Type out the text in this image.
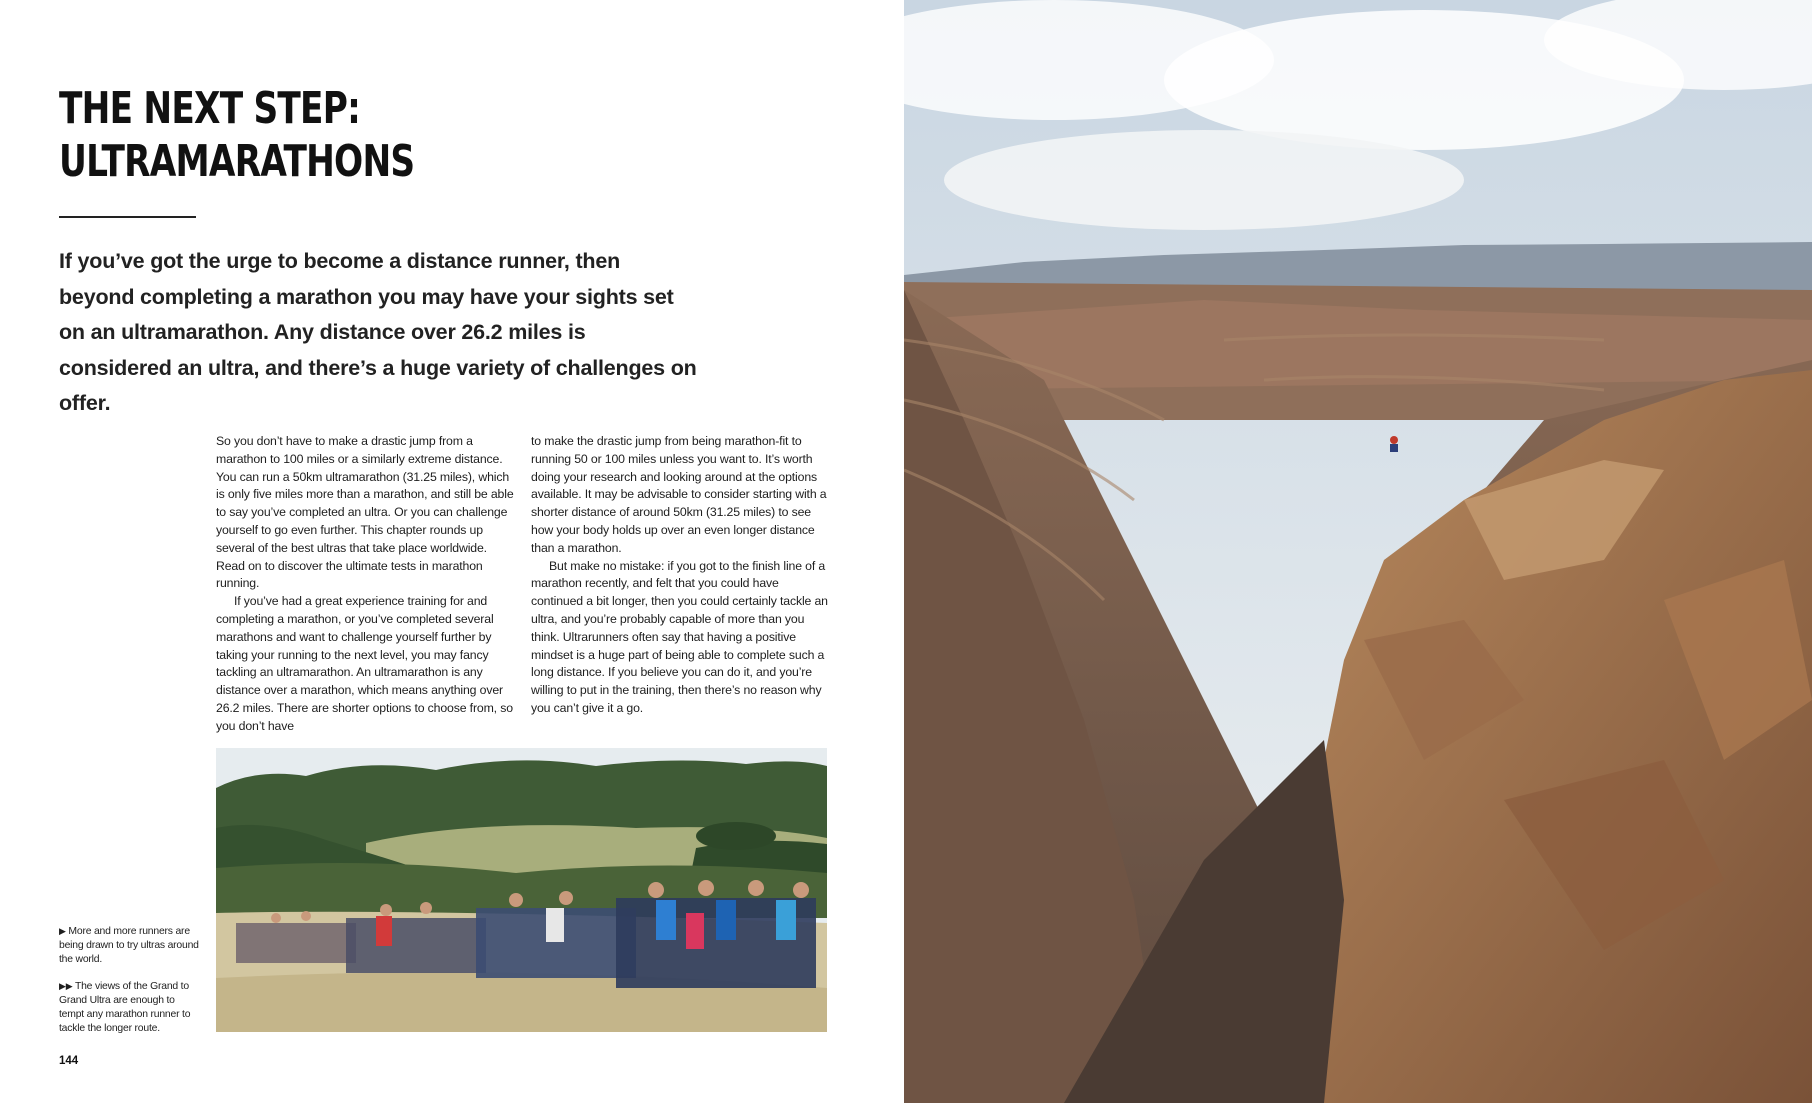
THE NEXT STEP:
ULTRAMARATHONS

If you’ve got the urge to become a distance runner, then beyond completing a marathon you may have your sights set on an ultramarathon. Any distance over 26.2 miles is considered an ultra, and there’s a huge variety of challenges on offer.

So you don’t have to make a drastic jump from a marathon to 100 miles or a similarly extreme distance. You can run a 50km ultramarathon (31.25 miles), which is only five miles more than a marathon, and still be able to say you’ve completed an ultra. Or you can challenge yourself to go even further. This chapter rounds up several of the best ultras that take place worldwide. Read on to discover the ultimate tests in marathon running.

If you’ve had a great experience training for and completing a marathon, or you’ve completed several marathons and want to challenge yourself further by taking your running to the next level, you may fancy tackling an ultramarathon. An ultramarathon is any distance over a marathon, which means anything over 26.2 miles. There are shorter options to choose from, so you don’t have

to make the drastic jump from being marathon-fit to running 50 or 100 miles unless you want to. It’s worth doing your research and looking around at the options available. It may be advisable to consider starting with a shorter distance of around 50km (31.25 miles) to see how your body holds up over an even longer distance than a marathon.

But make no mistake: if you got to the finish line of a marathon recently, and felt that you could have continued a bit longer, then you could certainly tackle an ultra, and you’re probably capable of more than you think. Ultrarunners often say that having a positive mindset is a huge part of being able to complete such a long distance. If you believe you can do it, and you’re willing to put in the training, then there’s no reason why you can’t give it a go.

▶ More and more runners are being drawn to try ultras around the world.

▶▶ The views of the Grand to Grand Ultra are enough to tempt any marathon runner to tackle the longer route.

144
